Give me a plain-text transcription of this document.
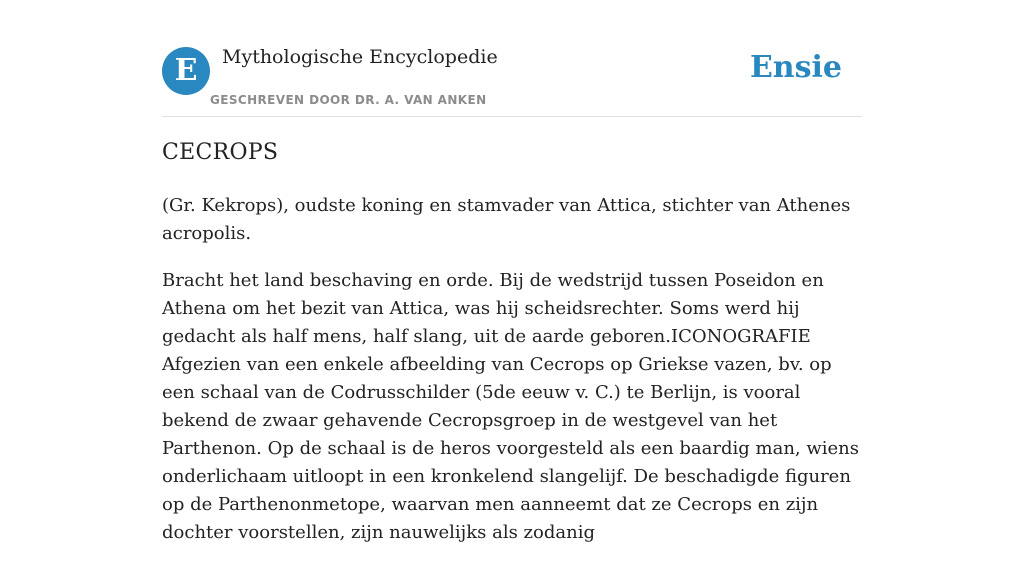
E	Mythologische Encyclopedie
GESCHREVEN DOOR DR. A. VAN ANKEN
Ensie
CECROPS

(Gr. Kekrops), oudste koning en stamvader van Attica, stichter van Athenes acropolis.

Bracht het land beschaving en orde. Bij de wedstrijd tussen Poseidon en Athena om het bezit van Attica, was hij scheidsrechter. Soms werd hij gedacht als half mens, half slang, uit de aarde geboren.ICONOGRAFIE Afgezien van een enkele afbeelding van Cecrops op Griekse vazen, bv. op een schaal van de Codrusschilder (5de eeuw v. C.) te Berlijn, is vooral bekend de zwaar gehavende Cecropsgroep in de westgevel van het Parthenon. Op de schaal is de heros voorgesteld als een baardig man, wiens onderlichaam uitloopt in een kronkelend slangelijf. De beschadigde figuren op de Parthenonmetope, waarvan men aanneemt dat ze Cecrops en zijn dochter voorstellen, zijn nauwelijks als zodanig
